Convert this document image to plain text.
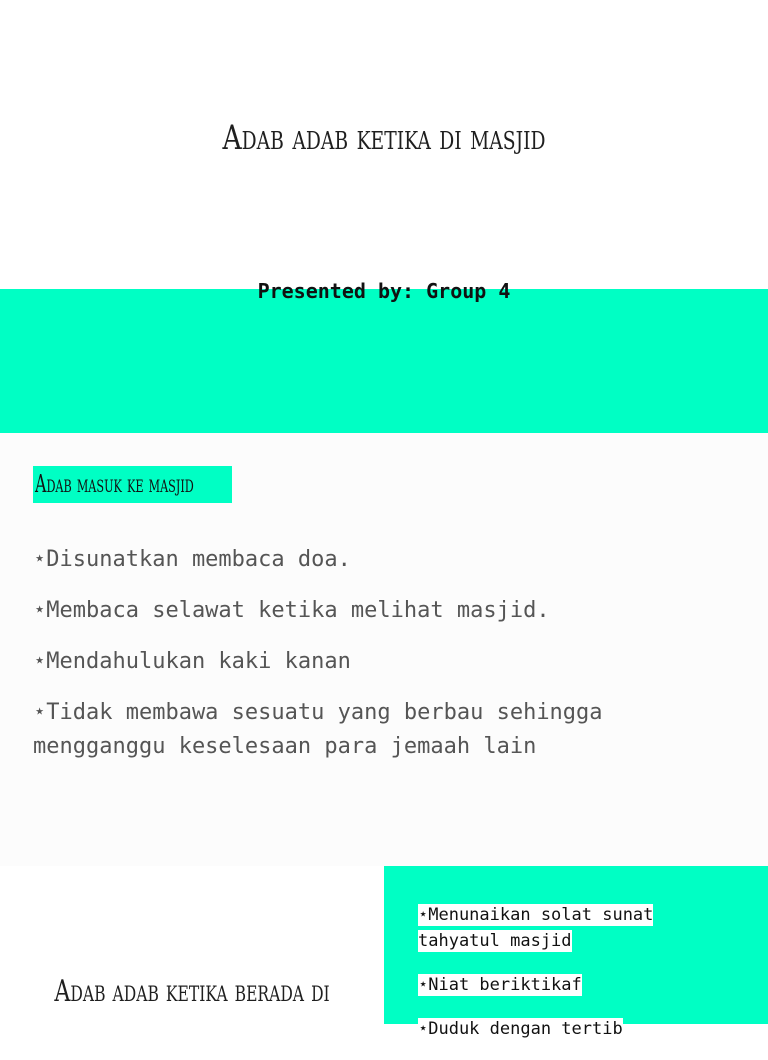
Adab adab ketika di masjid
Presented by: Group 4
Adab masuk ke masjid
⋆Disunatkan membaca doa.
⋆Membaca selawat ketika melihat masjid.
⋆Mendahulukan kaki kanan
⋆Tidak membawa sesuatu yang berbau sehingga mengganggu keselesaan para jemaah lain
Adab adab ketika berada di
⋆Menunaikan solat sunat tahyatul masjid
⋆Niat beriktikaf
⋆Duduk dengan tertib
